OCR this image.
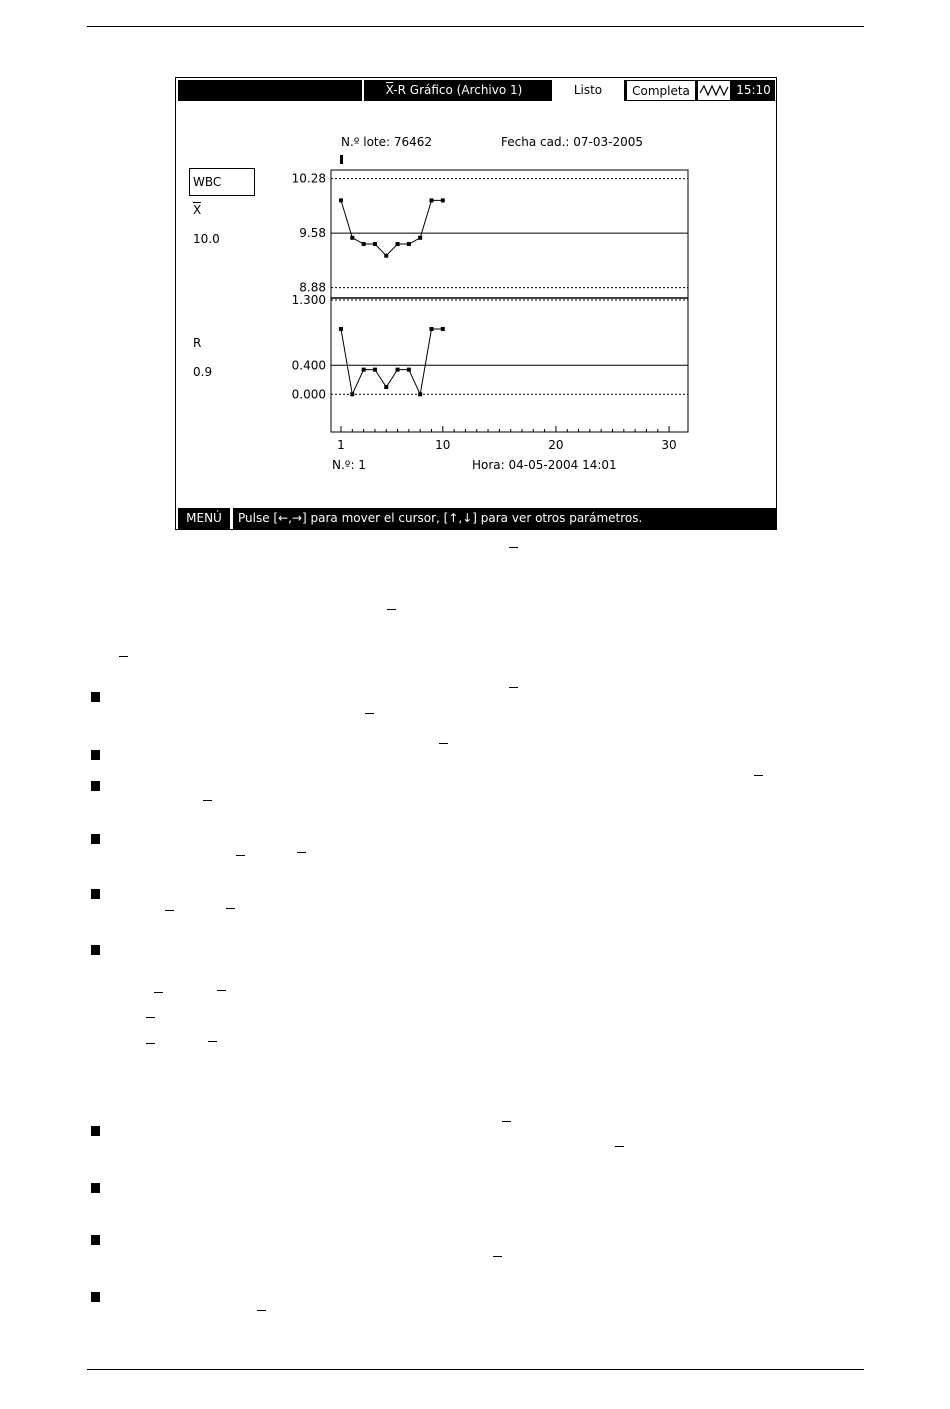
X-R Gráfico (Archivo 1)	Listo	Completa	15:10
N.º lote: 76462	Fecha cad.: 07-03-2005
WBC
X
10.0
R
0.9
10.28
9.58
8.88
1.300
0.400
0.000
1	10	20	30
N.º: 1	Hora: 04-05-2004 14:01
MENÚ	Pulse [←,→] para mover el cursor, [↑,↓] para ver otros parámetros.
